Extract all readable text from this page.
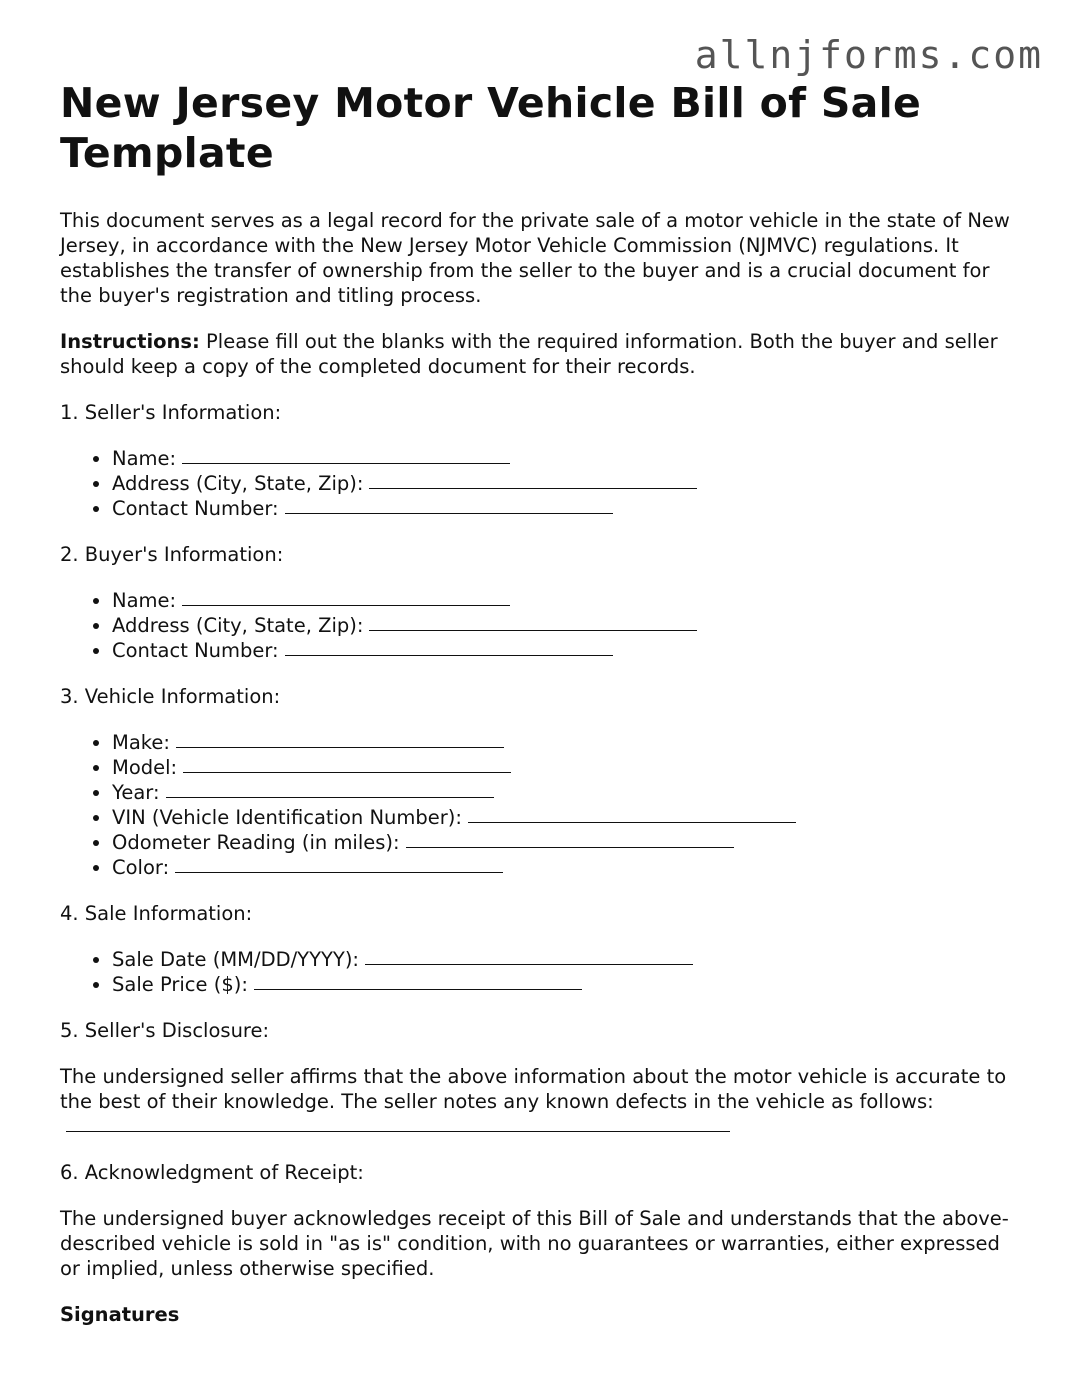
allnjforms.com
New Jersey Motor Vehicle Bill of Sale Template

This document serves as a legal record for the private sale of a motor vehicle in the state of New Jersey, in accordance with the New Jersey Motor Vehicle Commission (NJMVC) regulations. It establishes the transfer of ownership from the seller to the buyer and is a crucial document for the buyer's registration and titling process.

Instructions: Please fill out the blanks with the required information. Both the buyer and seller should keep a copy of the completed document for their records.

1. Seller's Information:
• Name:
• Address (City, State, Zip):
• Contact Number:
2. Buyer's Information:
• Name:
• Address (City, State, Zip):
• Contact Number:
3. Vehicle Information:
• Make:
• Model:
• Year:
• VIN (Vehicle Identification Number):
• Odometer Reading (in miles):
• Color:
4. Sale Information:
• Sale Date (MM/DD/YYYY):
• Sale Price ($):
5. Seller's Disclosure:

The undersigned seller affirms that the above information about the motor vehicle is accurate to the best of their knowledge. The seller notes any known defects in the vehicle as follows:

6. Acknowledgment of Receipt:

The undersigned buyer acknowledges receipt of this Bill of Sale and understands that the above-described vehicle is sold in "as is" condition, with no guarantees or warranties, either expressed or implied, unless otherwise specified.

Signatures
